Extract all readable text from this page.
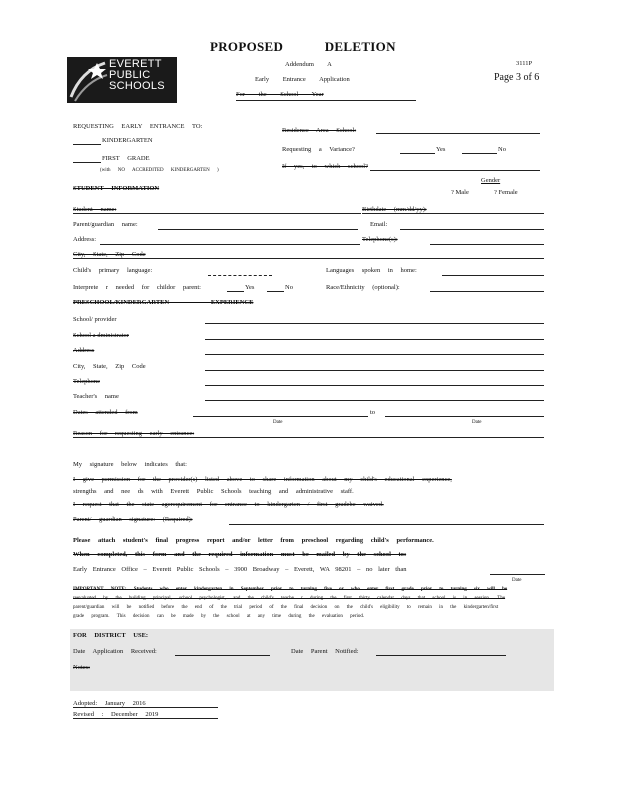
PROPOSED DELETION
EVERETT
PUBLIC
SCHOOLS
Addendum A
Early Entrance Application
For the School Year
3111P
Page 3 of 6
REQUESTING EARLY ENTRANCE TO:
KINDERGARTEN
FIRST GRADE
(with NO ACCREDITED KINDERGARTEN )
Residence Area School:
Requesting a Variance?	Yes	No
If yes, to which school?
STUDENT INFORMATION
Gender
? Male	? Female
Student name:	Birthdate (mm/dd/yy):
Parent/guardian name:	Email:
Address:	Telephone(s):
City, State, Zip Code
Child's primary language:	Languages spoken in home:
Interprete r needed for childor parent:	Yes	No	Race/Ethnicity (optional):
PRESCHOOL/KINDERGARTEN EXPERIENCE
School/ provider
School a dministrator
Address
City, State, Zip Code
Telephone
Teacher's name
Dates attended from	to
Date	Date
Reason for requesting early entrance:
My signature below indicates that:
I give permission for the provider(s) listed above to share information about my child's educational experience,
strengths and nee ds with Everett Public Schools teaching and administrative staff.
I request that the state agerequirement for entrance to kindergarten / first gradebe waived.
Parent/ guardian signature: (Required):
Please attach student's final progress report and/or letter from preschool regarding child's performance.
When completed, this form and the required information must be mailed by the school to:
Early Entrance Office – Everett Public Schools – 3900 Broadway – Everett, WA 98201 – no later than
Date
IMPORTANT NOTE: Students who enter kindergarten in September prior to turning five or who enter first grade prior to turning six will be
reevaluated by the building principal, school psychologist, and the child's teache r during the first thirty calendar days that school is in session. The
parent/guardian will be notified before the end of the trial period of the final decision on the child's eligibility to remain in the kindergarten/first
grade program. This decision can be made by the school at any time during the evaluation period.
FOR DISTRICT USE:
Date Application Received:	Date Parent Notified:
Notes:
Adopted: January 2016
Revised : December 2019
